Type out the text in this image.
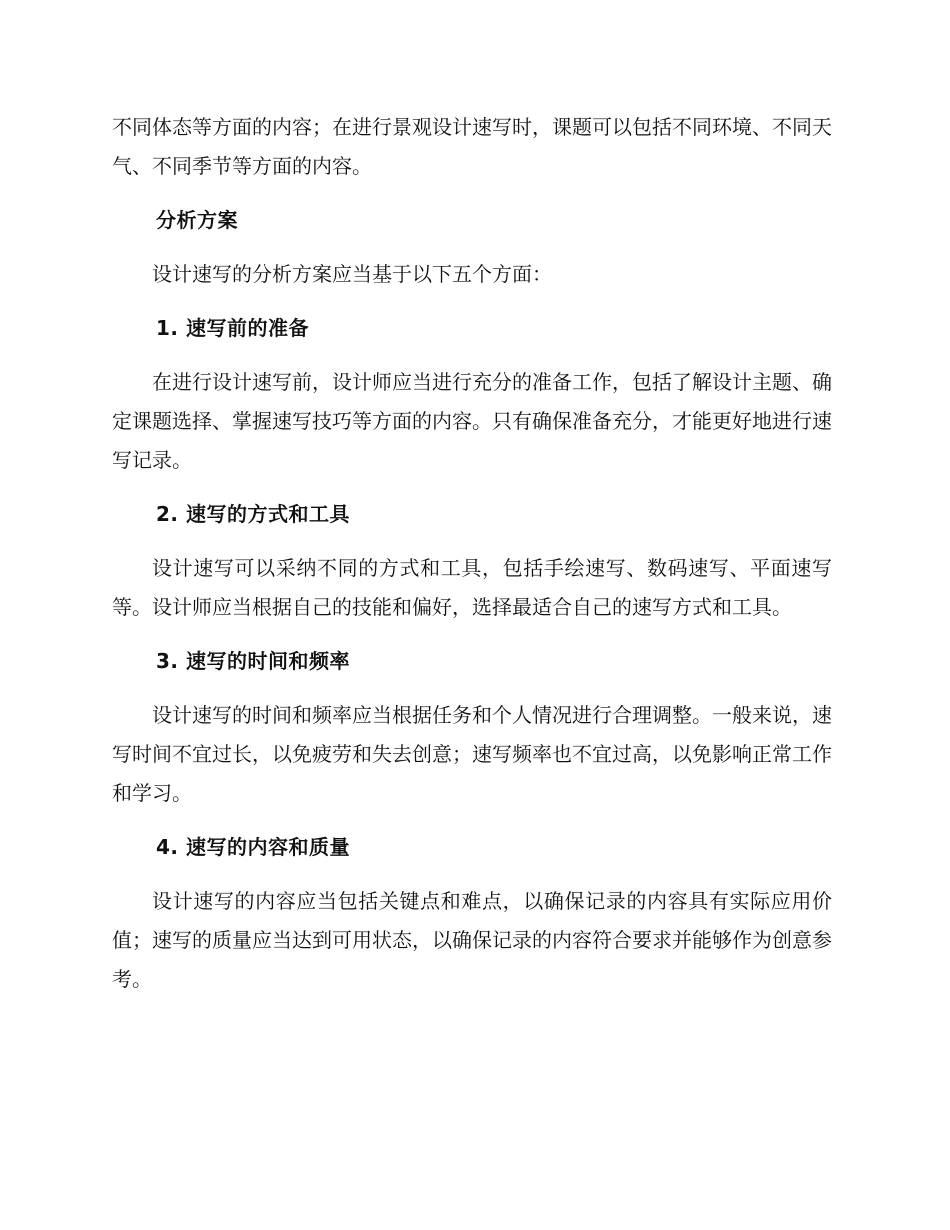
不同体态等方面的内容；在进行景观设计速写时，课题可以包括不同环境、不同天气、不同季节等方面的内容。

分析方案

设计速写的分析方案应当基于以下五个方面：

1. 速写前的准备

在进行设计速写前，设计师应当进行充分的准备工作，包括了解设计主题、确定课题选择、掌握速写技巧等方面的内容。只有确保准备充分，才能更好地进行速写记录。

2. 速写的方式和工具

设计速写可以采纳不同的方式和工具，包括手绘速写、数码速写、平面速写等。设计师应当根据自己的技能和偏好，选择最适合自己的速写方式和工具。

3. 速写的时间和频率

设计速写的时间和频率应当根据任务和个人情况进行合理调整。一般来说，速写时间不宜过长，以免疲劳和失去创意；速写频率也不宜过高，以免影响正常工作和学习。

4. 速写的内容和质量

设计速写的内容应当包括关键点和难点，以确保记录的内容具有实际应用价值；速写的质量应当达到可用状态，以确保记录的内容符合要求并能够作为创意参考。
